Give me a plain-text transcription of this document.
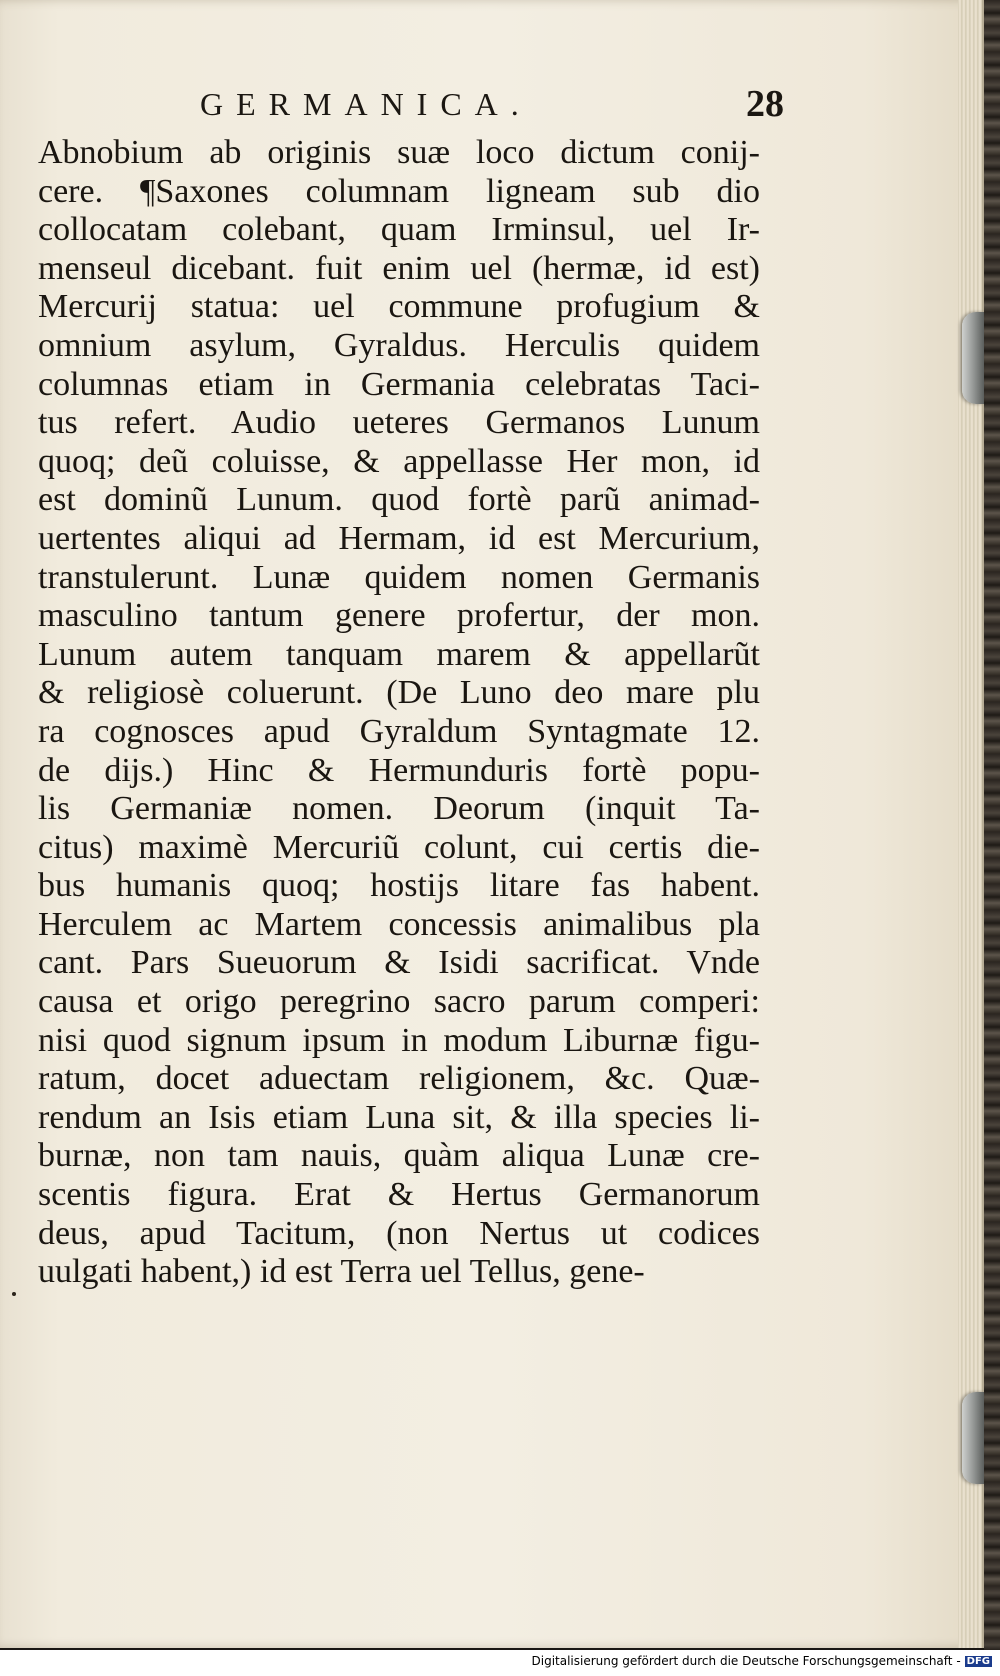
GERMANICA.	28
Abnobium ab originis suæ loco dictum conij-
cere. ¶Saxones columnam ligneam sub dio
collocatam colebant, quam Irminsul, uel Ir-
menseul dicebant. fuit enim uel (hermæ, id est)
Mercurij statua: uel commune profugium &
omnium asylum, Gyraldus. Herculis quidem
columnas etiam in Germania celebratas Taci-
tus refert. Audio ueteres Germanos Lunum
quoq; deũ coluisse, & appellasse Her mon, id
est dominũ Lunum. quod fortè parũ animad-
uertentes aliqui ad Hermam, id est Mercurium,
transtulerunt. Lunæ quidem nomen Germanis
masculino tantum genere profertur, der mon.
Lunum autem tanquam marem & appellarũt
& religiosè coluerunt. (De Luno deo mare plu
ra cognosces apud Gyraldum Syntagmate 12.
de dijs.) Hinc & Hermunduris fortè popu-
lis Germaniæ nomen. Deorum (inquit Ta-
citus) maximè Mercuriũ colunt, cui certis die-
bus humanis quoq; hostijs litare fas habent.
Herculem ac Martem concessis animalibus pla
cant. Pars Sueuorum & Isidi sacrificat. Vnde
causa et origo peregrino sacro parum comperi:
nisi quod signum ipsum in modum Liburnæ figu-
ratum, docet aduectam religionem, &c. Quæ-
rendum an Isis etiam Luna sit, & illa species li-
burnæ, non tam nauis, quàm aliqua Lunæ cre-
scentis figura. Erat & Hertus Germanorum
deus, apud Tacitum, (non Nertus ut codices
uulgati habent,) id est Terra uel Tellus, gene-
Digitalisierung gefördert durch die Deutsche Forschungsgemeinschaft - DFG
